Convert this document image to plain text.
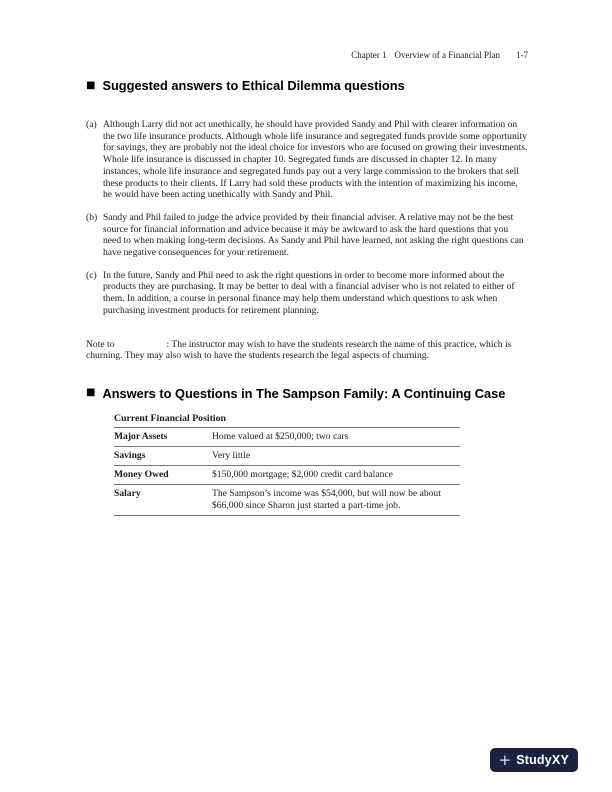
Chapter 1 Overview of a Financial Plan 1-7
■ Suggested answers to Ethical Dilemma questions
(a) Although Larry did not act unethically, he should have provided Sandy and Phil with clearer information on the two life insurance products. Although whole life insurance and segregated funds provide some opportunity for savings, they are probably not the ideal choice for investors who are focused on growing their investments. Whole life insurance is discussed in chapter 10. Segregated funds are discussed in chapter 12. In many instances, whole life insurance and segregated funds pay out a very large commission to the brokers that sell these products to their clients. If Larry had sold these products with the intention of maximizing his income, he would have been acting unethically with Sandy and Phil.
(b) Sandy and Phil failed to judge the advice provided by their financial adviser. A relative may not be the best source for financial information and advice because it may be awkward to ask the hard questions that you need to when making long-term decisions. As Sandy and Phil have learned, not asking the right questions can have negative consequences for your retirement.
(c) In the future, Sandy and Phil need to ask the right questions in order to become more informed about the products they are purchasing. It may be better to deal with a financial adviser who is not related to either of them. In addition, a course in personal finance may help them understand which questions to ask when purchasing investment products for retirement planning.

Note to	: The instructor may wish to have the students research the name of this practice, which is churning. They may also wish to have the students research the legal aspects of churning.

■ Answers to Questions in The Sampson Family: A Continuing Case
Current Financial Position
Major Assets	Home valued at $250,000; two cars
Savings	Very little
Money Owed	$150,000 mortgage; $2,000 credit card balance
Salary	The Sampson’s income was $54,000, but will now be about $66,000 since Sharon just started a part-time job.
+ StudyXY
